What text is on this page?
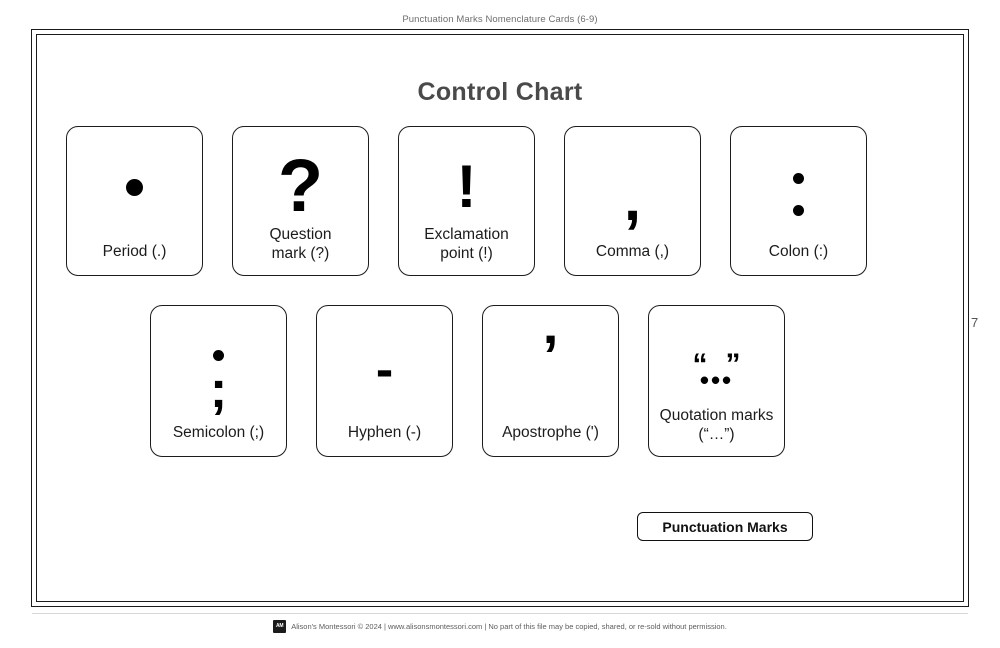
Punctuation Marks Nomenclature Cards (6-9)
7
Control Chart
Period (.)
?
Question
mark (?)
!
Exclamation
point (!)
,
Comma (,)	Colon (:)
;
Semicolon (;)
-
Hyphen (-)
’
Apostrophe (')
“ ”
•••
Quotation marks
(“…”)
Punctuation Marks
AM	Alison's Montessori © 2024 | www.alisonsmontessori.com | No part of this file may be copied, shared, or re-sold without permission.
